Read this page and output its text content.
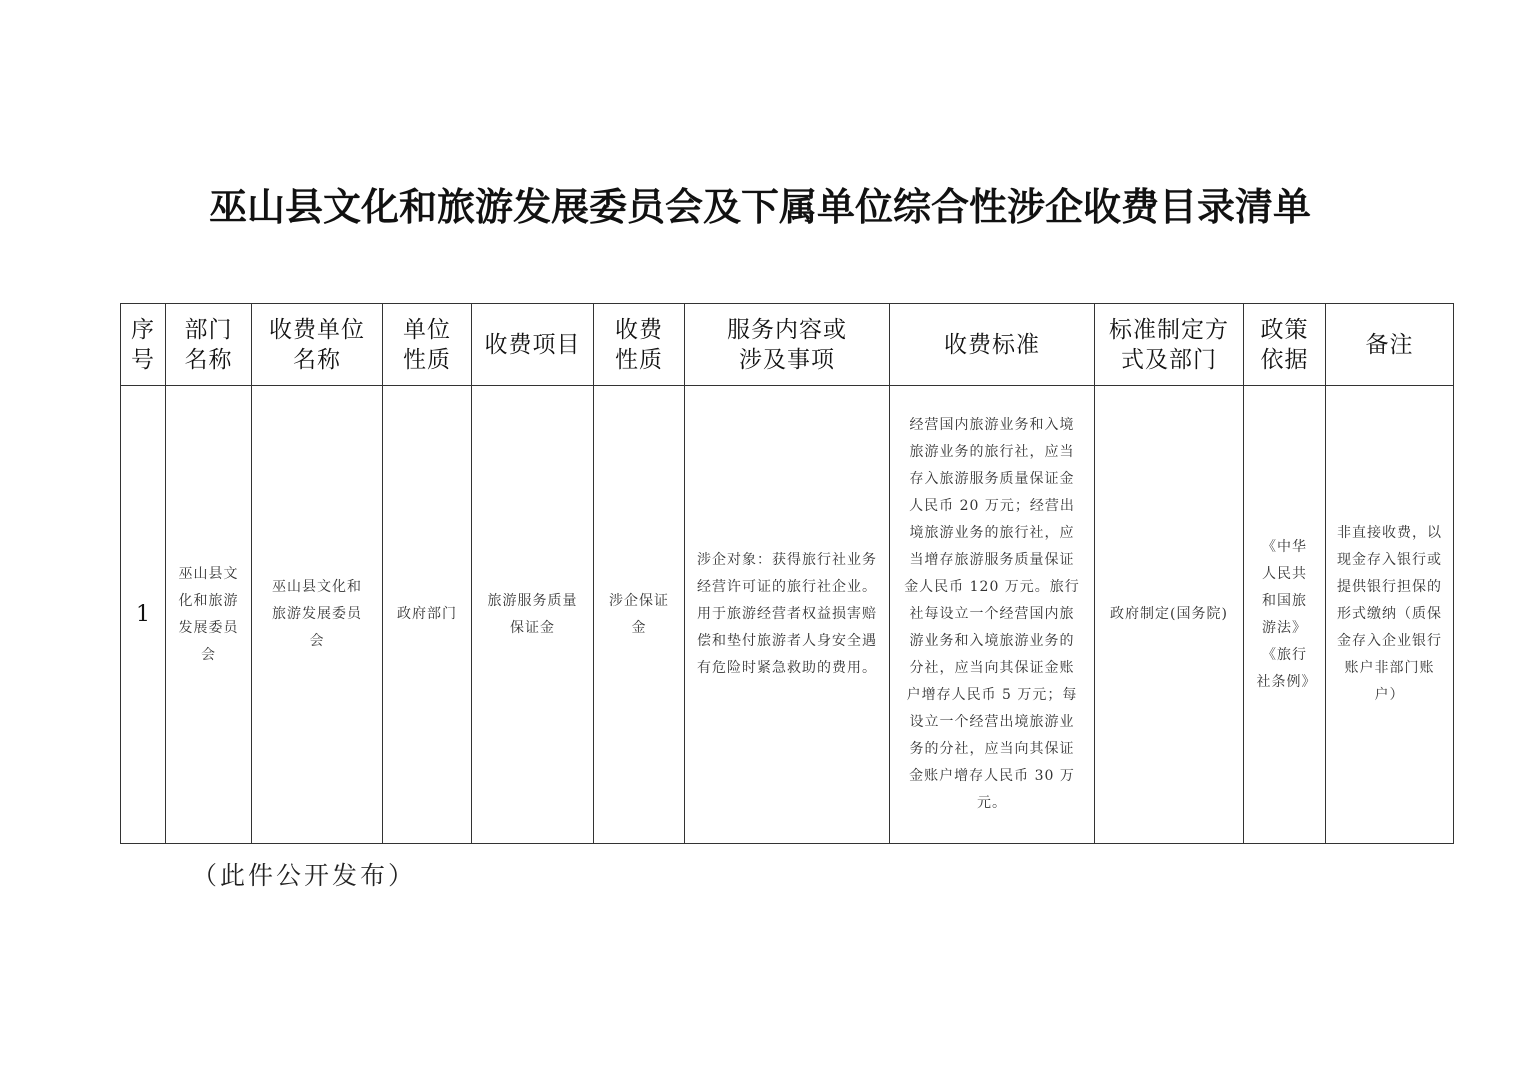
巫山县文化和旅游发展委员会及下属单位综合性涉企收费目录清单
序号	部门名称	收费单位名称	单位性质	收费项目	收费性质	服务内容或涉及事项	收费标准	标准制定方式及部门	政策依据	备注
1	巫山县文化和旅游发展委员会	巫山县文化和旅游发展委员会	政府部门	旅游服务质量保证金	涉企保证金	涉企对象：获得旅行社业务经营许可证的旅行社企业。用于旅游经营者权益损害赔偿和垫付旅游者人身安全遇有危险时紧急救助的费用。	经营国内旅游业务和入境旅游业务的旅行社，应当存入旅游服务质量保证金人民币 20 万元；经营出境旅游业务的旅行社，应当增存旅游服务质量保证金人民币 120 万元。旅行社每设立一个经营国内旅游业务和入境旅游业务的分社，应当向其保证金账户增存人民币 5 万元；每设立一个经营出境旅游业务的分社，应当向其保证金账户增存人民币 30 万元。	政府制定(国务院)	《中华人民共和国旅游法》《旅行社条例》	非直接收费，以现金存入银行或提供银行担保的形式缴纳（质保金存入企业银行账户非部门账户）
（此件公开发布）
